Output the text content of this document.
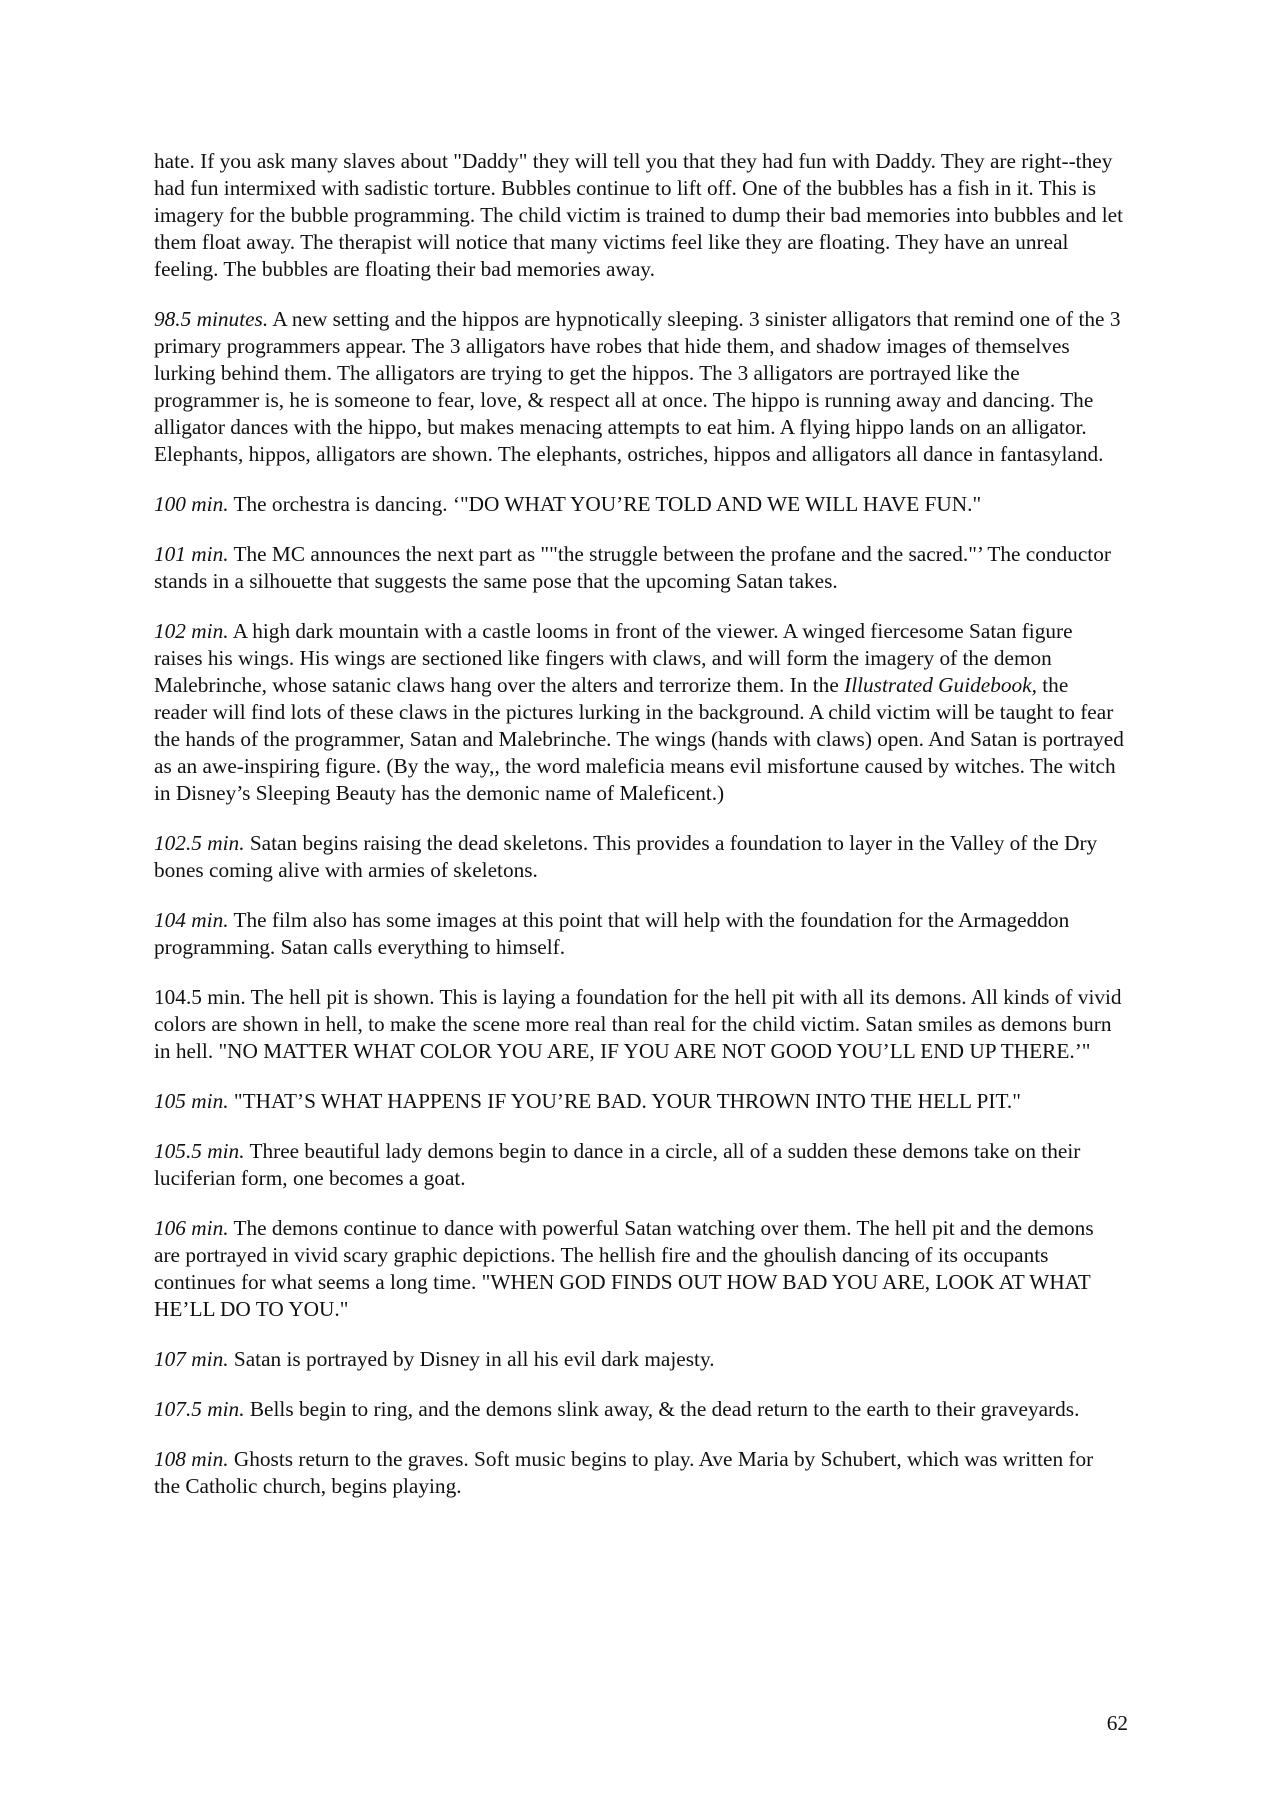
hate. If you ask many slaves about "Daddy" they will tell you that they had fun with Daddy. They are right--they had fun intermixed with sadistic torture. Bubbles continue to lift off. One of the bubbles has a fish in it. This is imagery for the bubble programming. The child victim is trained to dump their bad memories into bubbles and let them float away. The therapist will notice that many victims feel like they are floating. They have an unreal feeling. The bubbles are floating their bad memories away.

98.5 minutes. A new setting and the hippos are hypnotically sleeping. 3 sinister alligators that remind one of the 3 primary programmers appear. The 3 alligators have robes that hide them, and shadow images of themselves lurking behind them. The alligators are trying to get the hippos. The 3 alligators are portrayed like the programmer is, he is someone to fear, love, & respect all at once. The hippo is running away and dancing. The alligator dances with the hippo, but makes menacing attempts to eat him. A flying hippo lands on an alligator. Elephants, hippos, alligators are shown. The elephants, ostriches, hippos and alligators all dance in fantasyland.

100 min. The orchestra is dancing. ‘"DO WHAT YOU’RE TOLD AND WE WILL HAVE FUN."

101 min. The MC announces the next part as ""the struggle between the profane and the sacred."’ The conductor stands in a silhouette that suggests the same pose that the upcoming Satan takes.

102 min. A high dark mountain with a castle looms in front of the viewer. A winged fiercesome Satan figure raises his wings. His wings are sectioned like fingers with claws, and will form the imagery of the demon Malebrinche, whose satanic claws hang over the alters and terrorize them. In the Illustrated Guidebook, the reader will find lots of these claws in the pictures lurking in the background. A child victim will be taught to fear the hands of the programmer, Satan and Malebrinche. The wings (hands with claws) open. And Satan is portrayed as an awe-inspiring figure. (By the way,, the word maleficia means evil misfortune caused by witches. The witch in Disney’s Sleeping Beauty has the demonic name of Maleficent.)

102.5 min. Satan begins raising the dead skeletons. This provides a foundation to layer in the Valley of the Dry bones coming alive with armies of skeletons.

104 min. The film also has some images at this point that will help with the foundation for the Armageddon programming. Satan calls everything to himself.

104.5 min. The hell pit is shown. This is laying a foundation for the hell pit with all its demons. All kinds of vivid colors are shown in hell, to make the scene more real than real for the child victim. Satan smiles as demons burn in hell. "NO MATTER WHAT COLOR YOU ARE, IF YOU ARE NOT GOOD YOU’LL END UP THERE.’"

105 min. "THAT’S WHAT HAPPENS IF YOU’RE BAD. YOUR THROWN INTO THE HELL PIT."

105.5 min. Three beautiful lady demons begin to dance in a circle, all of a sudden these demons take on their luciferian form, one becomes a goat.

106 min. The demons continue to dance with powerful Satan watching over them. The hell pit and the demons are portrayed in vivid scary graphic depictions. The hellish fire and the ghoulish dancing of its occupants continues for what seems a long time. "WHEN GOD FINDS OUT HOW BAD YOU ARE, LOOK AT WHAT HE’LL DO TO YOU."

107 min. Satan is portrayed by Disney in all his evil dark majesty.

107.5 min. Bells begin to ring, and the demons slink away, & the dead return to the earth to their graveyards.

108 min. Ghosts return to the graves. Soft music begins to play. Ave Maria by Schubert, which was written for the Catholic church, begins playing.

62
